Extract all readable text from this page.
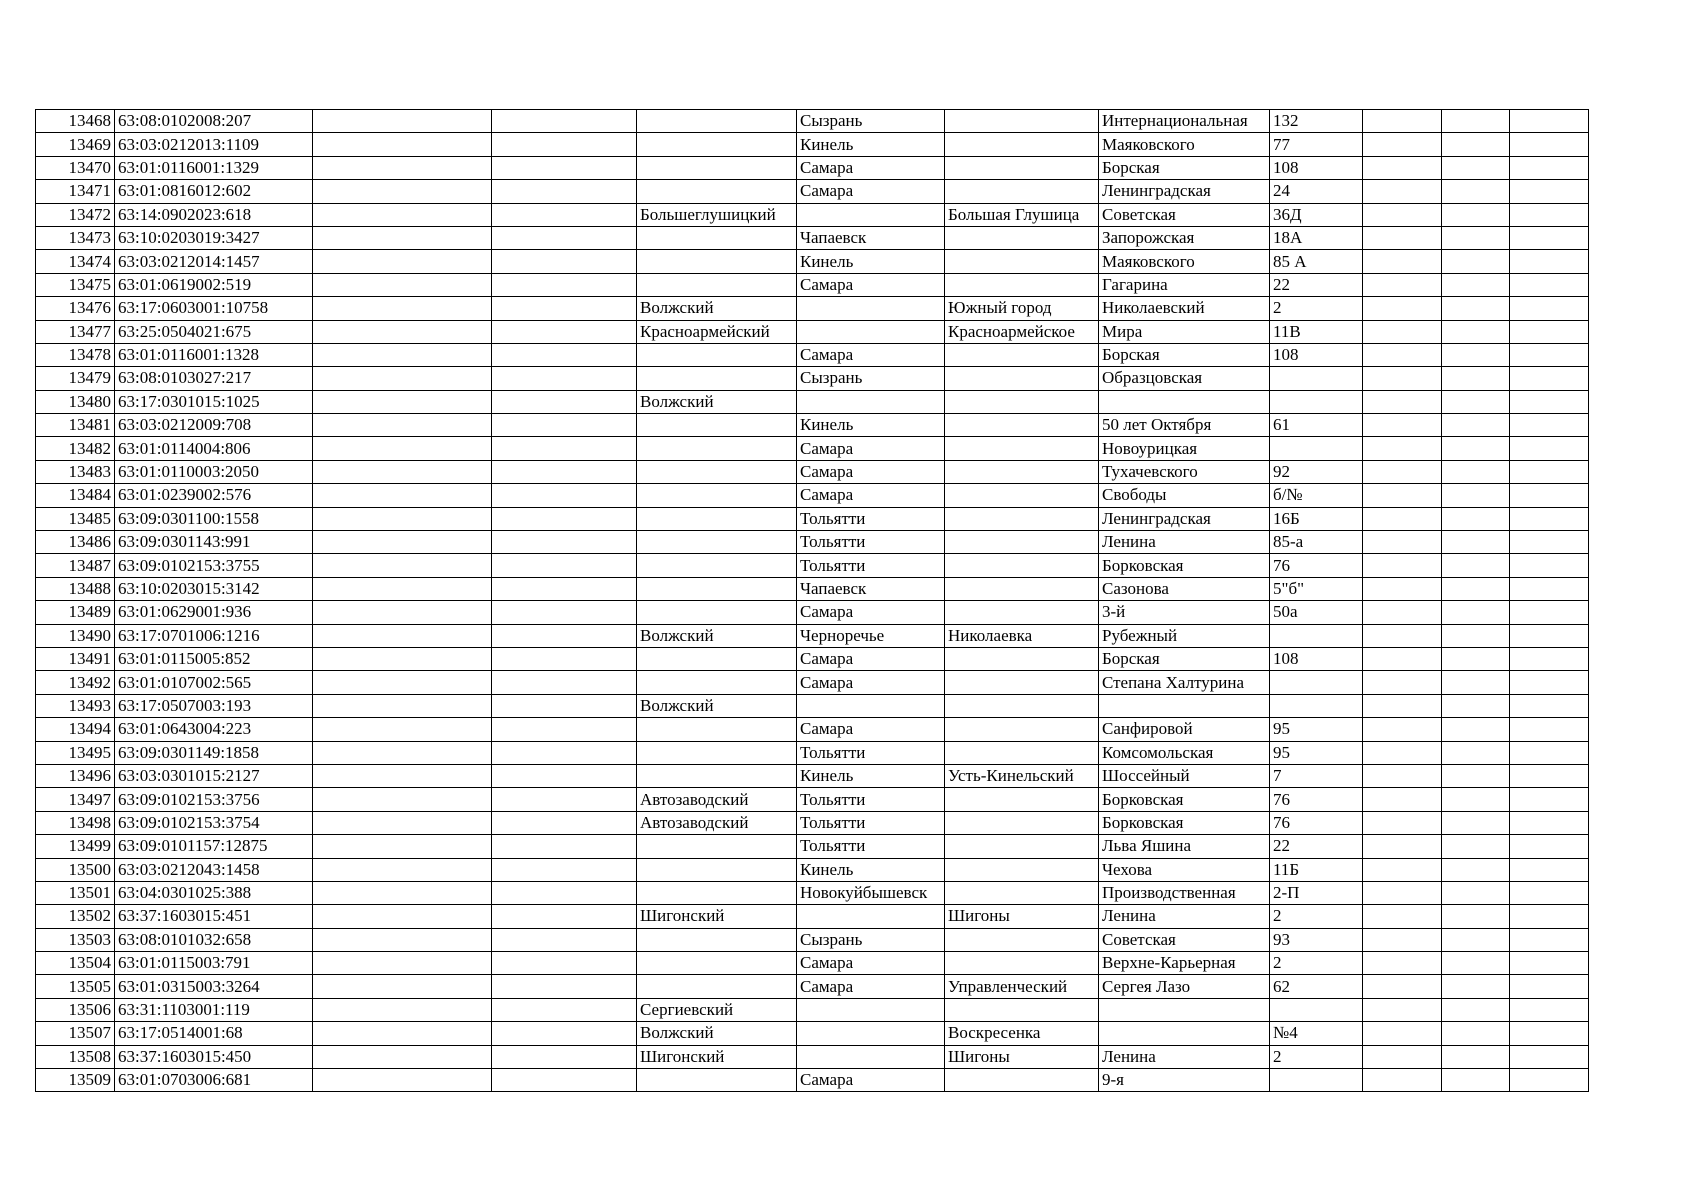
13468	63:08:0102008:207				Сызрань		Интернациональная	132			
13469	63:03:0212013:1109				Кинель		Маяковского	77			
13470	63:01:0116001:1329				Самара		Борская	108			
13471	63:01:0816012:602				Самара		Ленинградская	24			
13472	63:14:0902023:618			Большеглушицкий		Большая Глушица	Советская	36Д			
13473	63:10:0203019:3427				Чапаевск		Запорожская	18А			
13474	63:03:0212014:1457				Кинель		Маяковского	85 А			
13475	63:01:0619002:519				Самара		Гагарина	22			
13476	63:17:0603001:10758			Волжский		Южный город	Николаевский	2			
13477	63:25:0504021:675			Красноармейский		Красноармейское	Мира	11В			
13478	63:01:0116001:1328				Самара		Борская	108			
13479	63:08:0103027:217				Сызрань		Образцовская				
13480	63:17:0301015:1025			Волжский							
13481	63:03:0212009:708				Кинель		50 лет Октября	61			
13482	63:01:0114004:806				Самара		Новоурицкая				
13483	63:01:0110003:2050				Самара		Тухачевского	92			
13484	63:01:0239002:576				Самара		Свободы	б/№			
13485	63:09:0301100:1558				Тольятти		Ленинградская	16Б			
13486	63:09:0301143:991				Тольятти		Ленина	85-а			
13487	63:09:0102153:3755				Тольятти		Борковская	76			
13488	63:10:0203015:3142				Чапаевск		Сазонова	5"б"			
13489	63:01:0629001:936				Самара		3-й	50а			
13490	63:17:0701006:1216			Волжский	Черноречье	Николаевка	Рубежный				
13491	63:01:0115005:852				Самара		Борская	108			
13492	63:01:0107002:565				Самара		Степана Халтурина				
13493	63:17:0507003:193			Волжский							
13494	63:01:0643004:223				Самара		Санфировой	95			
13495	63:09:0301149:1858				Тольятти		Комсомольская	95			
13496	63:03:0301015:2127				Кинель	Усть-Кинельский	Шоссейный	7			
13497	63:09:0102153:3756			Автозаводский	Тольятти		Борковская	76			
13498	63:09:0102153:3754			Автозаводский	Тольятти		Борковская	76			
13499	63:09:0101157:12875				Тольятти		Льва Яшина	22			
13500	63:03:0212043:1458				Кинель		Чехова	11Б			
13501	63:04:0301025:388				Новокуйбышевск		Производственная	2-П			
13502	63:37:1603015:451			Шигонский		Шигоны	Ленина	2			
13503	63:08:0101032:658				Сызрань		Советская	93			
13504	63:01:0115003:791				Самара		Верхне-Карьерная	2			
13505	63:01:0315003:3264				Самара	Управленческий	Сергея Лазо	62			
13506	63:31:1103001:119			Сергиевский							
13507	63:17:0514001:68			Волжский		Воскресенка		№4			
13508	63:37:1603015:450			Шигонский		Шигоны	Ленина	2			
13509	63:01:0703006:681				Самара		9-я				
